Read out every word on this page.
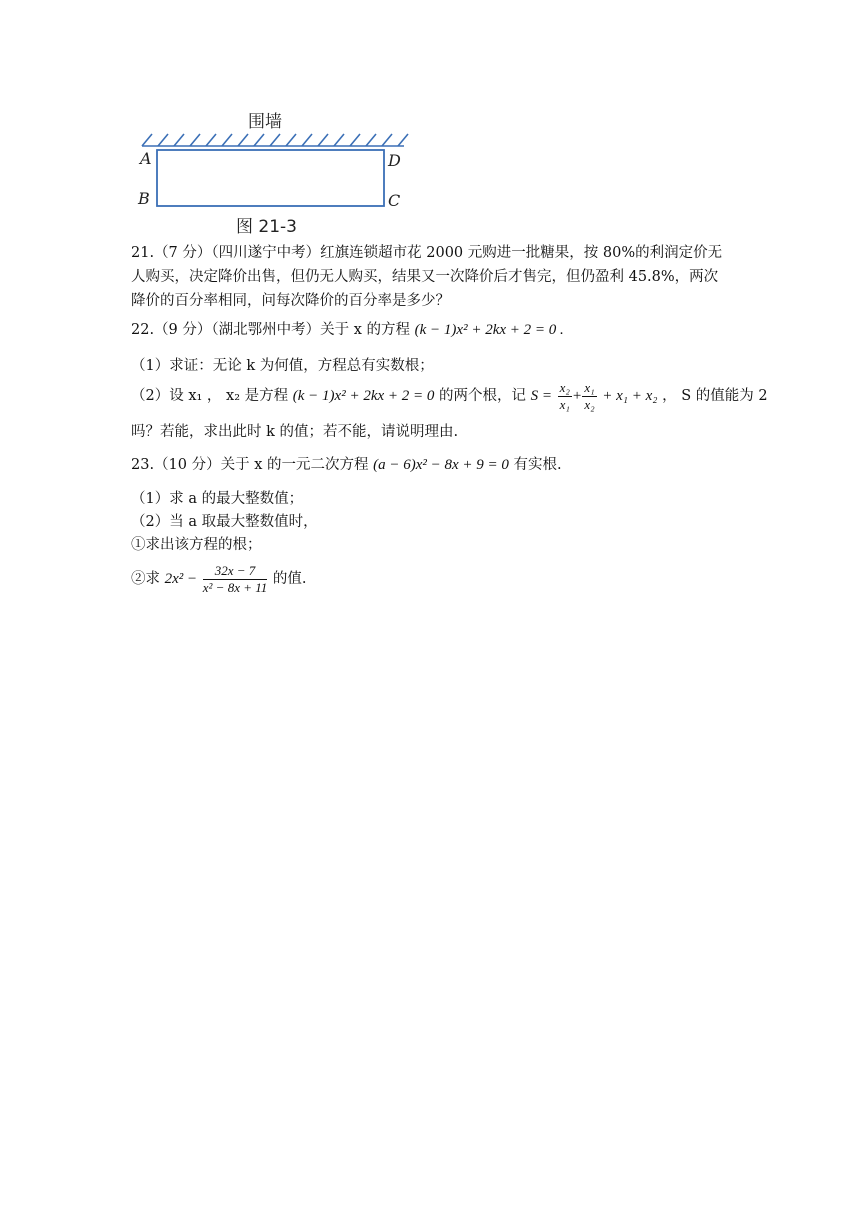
围墙
A
B
D
C
图 21-3
21.（7 分）（四川遂宁中考）红旗连锁超市花 2000 元购进一批糖果，按 80%的利润定价无人购买，决定降价出售，但仍无人购买，结果又一次降价后才售完，但仍盈利 45.8%，两次降价的百分率相同，问每次降价的百分率是多少？
22.（9 分）（湖北鄂州中考）关于 x 的方程 (k − 1)x² + 2kx + 2 = 0 .
（1）求证：无论 k 为何值，方程总有实数根；
（2）设 x₁ ， x₂ 是方程 (k − 1)x² + 2kx + 2 = 0 的两个根，记 $S = \frac{\text{x₂}}{\text{x₁}} + \frac{\text{x₁}}{\text{x₂}} + x_1 + x_2$ ， S 的值能为 2
吗？若能，求出此时 k 的值；若不能，请说明理由.
23.（10 分）关于 x 的一元二次方程 (a − 6)x² − 8x + 9 = 0 有实根.
（1）求 a 的最大整数值；
（2）当 a 取最大整数值时，
①求出该方程的根；
②求 $2x^2 - \frac{32x - 7}{\text{x² − 8x + 11}}$ 的值.
